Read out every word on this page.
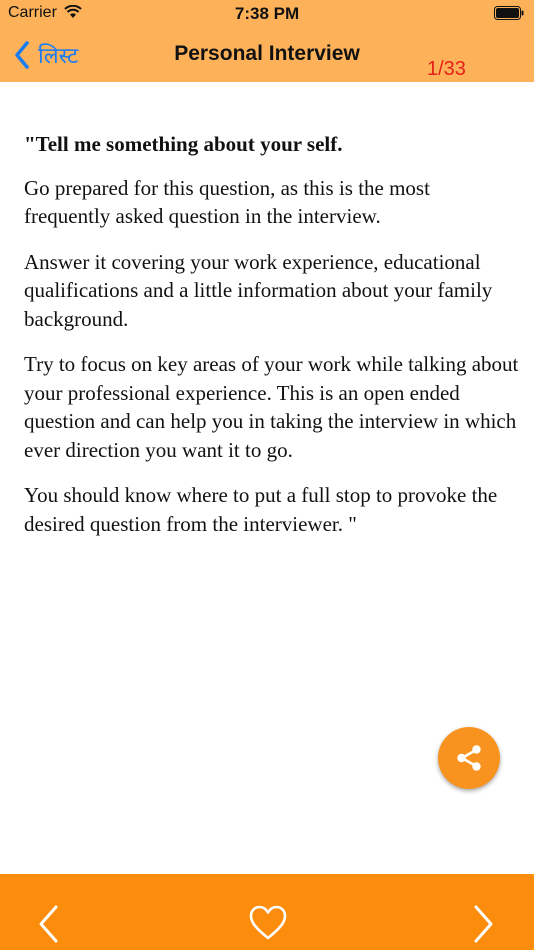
Carrier	7:38 PM
लिस्ट	Personal Interview
1/33

"Tell me something about your self.

Go prepared for this question, as this is the most frequently asked question in the interview.

Answer it covering your work experience, educational qualifications and a little information about your family background.

Try to focus on key areas of your work while talking about your professional experience. This is an open ended question and can help you in taking the interview in which ever direction you want it to go.

You should know where to put a full stop to provoke the desired question from the interviewer. "
